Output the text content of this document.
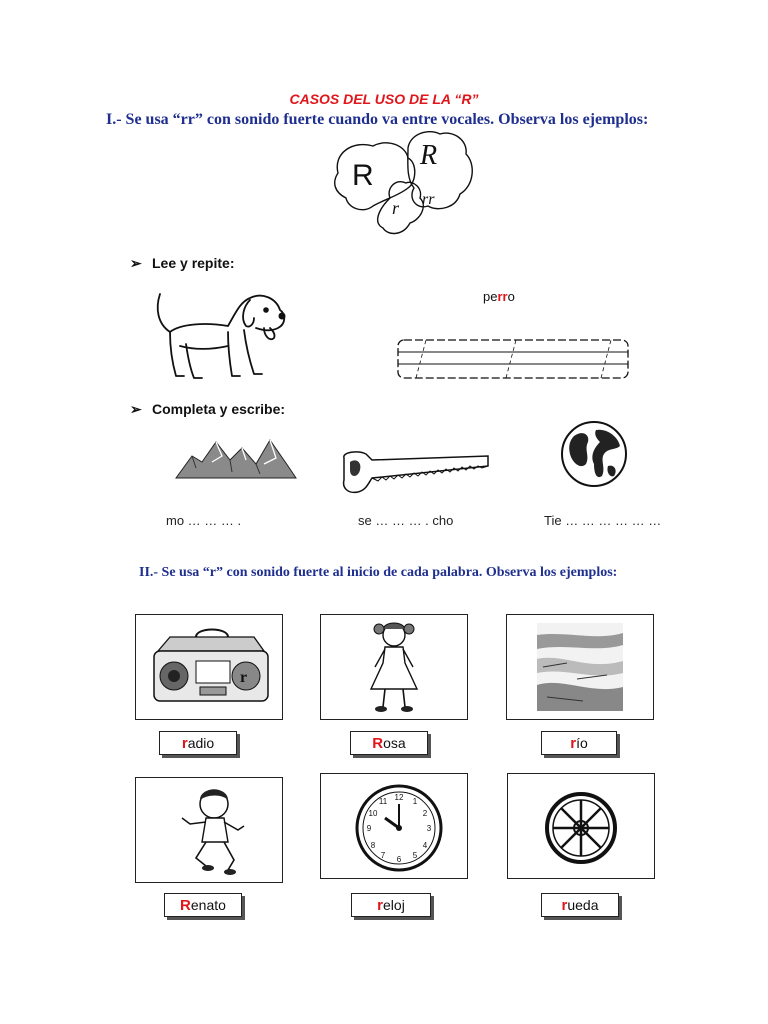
CASOS DEL USO DE LA “R”
I.- Se usa “rr” con sonido fuerte cuando va entre vocales. Observa los ejemplos:
R
R
r rr
➢ Lee y repite:
perro
➢ Completa y escribe:
mo … … … .	se … … … . cho	Tie … … … … … …
II.- Se usa “r” con sonido fuerte al inicio de cada palabra. Observa los ejemplos:
r
radio	Rosa	río
12
3
6
9
1
2
4
5
7
8
10
11
Renato	reloj	rueda
